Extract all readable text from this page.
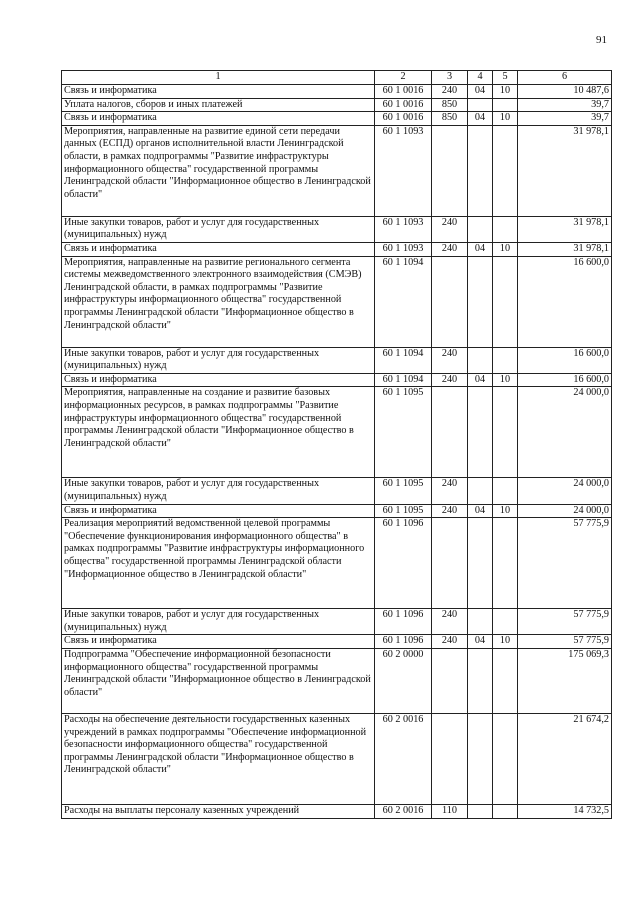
91
1	2	3	4	5	6
Связь и информатика	60 1 0016	240	04	10	10 487,6
Уплата налогов, сборов и иных платежей	60 1 0016	850			39,7
Связь и информатика	60 1 0016	850	04	10	39,7
Мероприятия, направленные на развитие единой сети передачи данных (ЕСПД) органов исполнительной власти Ленинградской области, в рамках подпрограммы "Развитие инфраструктуры информационного общества" государственной программы Ленинградской области "Информационное общество в Ленинградской области"	60 1 1093				31 978,1
Иные закупки товаров, работ и услуг для государственных (муниципальных) нужд	60 1 1093	240			31 978,1
Связь и информатика	60 1 1093	240	04	10	31 978,1
Мероприятия, направленные на развитие регионального сегмента системы межведомственного электронного взаимодействия (СМЭВ) Ленинградской области, в рамках подпрограммы "Развитие инфраструктуры информационного общества" государственной программы Ленинградской области "Информационное общество в Ленинградской области"	60 1 1094				16 600,0
Иные закупки товаров, работ и услуг для государственных (муниципальных) нужд	60 1 1094	240			16 600,0
Связь и информатика	60 1 1094	240	04	10	16 600,0
Мероприятия, направленные на создание и развитие базовых информационных ресурсов, в рамках подпрограммы "Развитие инфраструктуры информационного общества" государственной программы Ленинградской области "Информационное общество в Ленинградской области"	60 1 1095				24 000,0
Иные закупки товаров, работ и услуг для государственных (муниципальных) нужд	60 1 1095	240			24 000,0
Связь и информатика	60 1 1095	240	04	10	24 000,0
Реализация мероприятий ведомственной целевой программы "Обеспечение функционирования информационного общества" в рамках подпрограммы "Развитие инфраструктуры информационного общества" государственной программы Ленинградской области "Информационное общество в Ленинградской области"	60 1 1096				57 775,9
Иные закупки товаров, работ и услуг для государственных (муниципальных) нужд	60 1 1096	240			57 775,9
Связь и информатика	60 1 1096	240	04	10	57 775,9
Подпрограмма "Обеспечение информационной безопасности информационного общества" государственной программы Ленинградской области "Информационное общество в Ленинградской области"	60 2 0000				175 069,3
Расходы на обеспечение деятельности государственных казенных учреждений в рамках подпрограммы "Обеспечение информационной безопасности информационного общества" государственной программы Ленинградской области "Информационное общество в Ленинградской области"	60 2 0016				21 674,2
Расходы на выплаты персоналу казенных учреждений	60 2 0016	110			14 732,5
